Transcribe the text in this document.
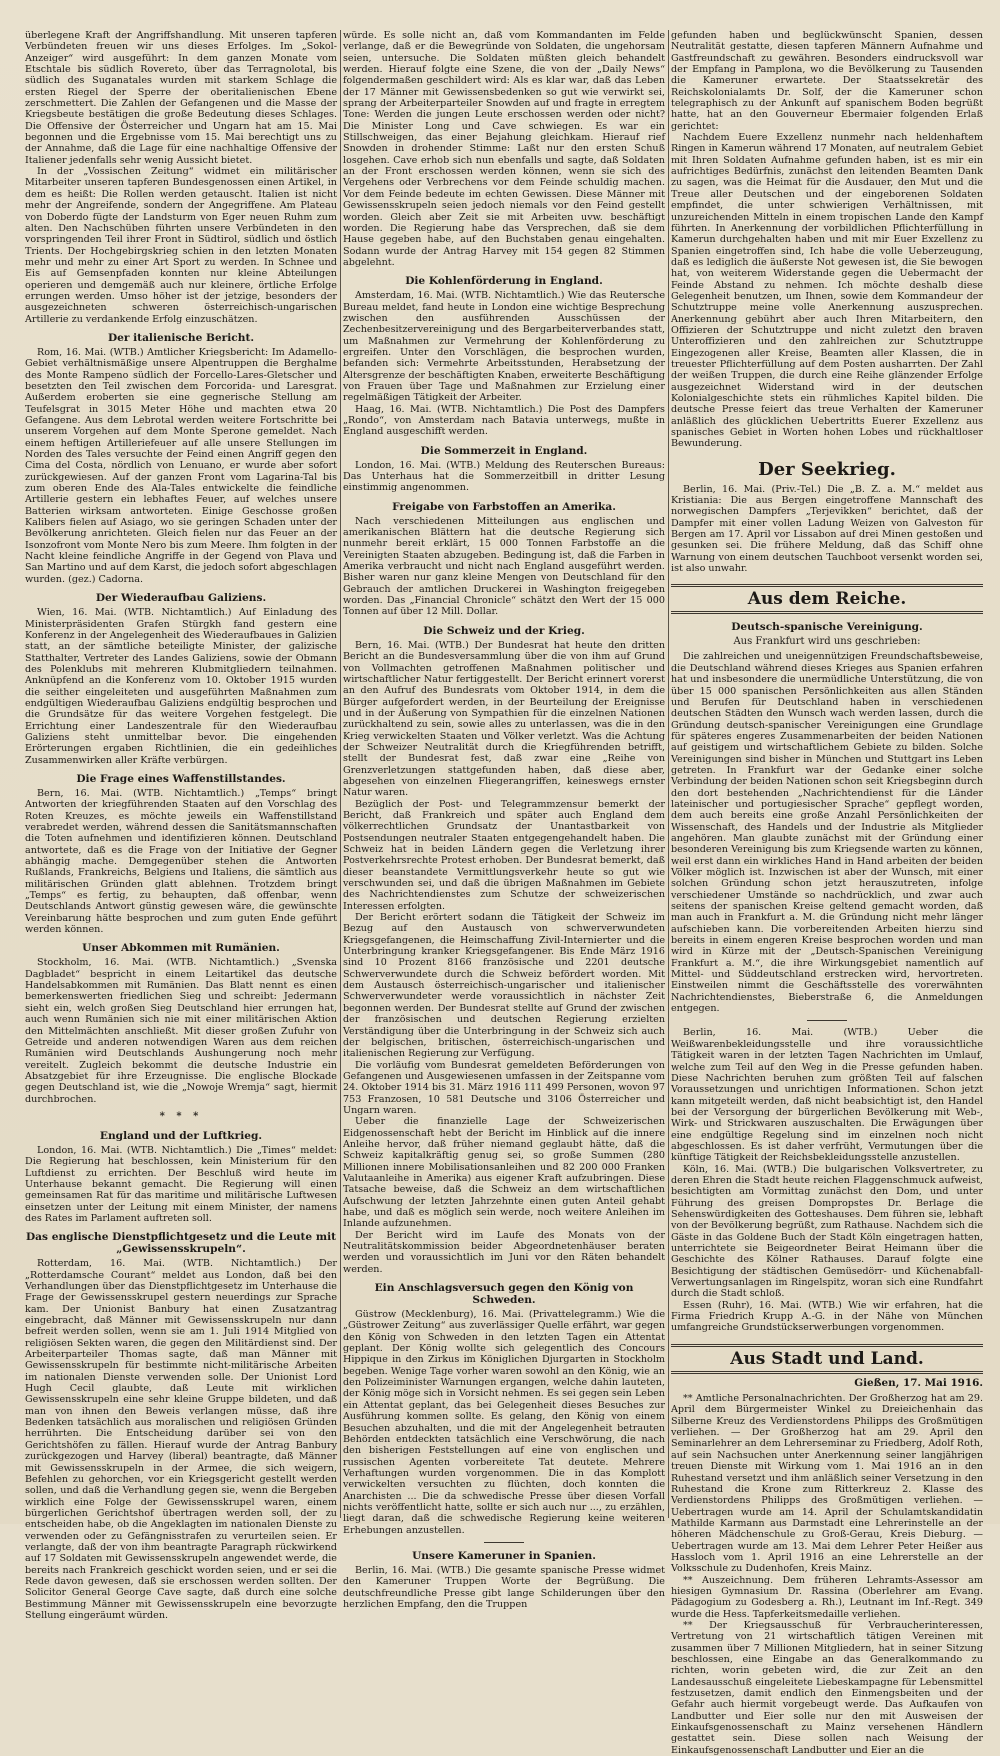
überlegene Kraft der Angriffshandlung. Mit unseren tapferen Verbündeten freuen wir uns dieses Erfolges. Im „Sokol-Anzeiger“ wird ausgeführt: In dem ganzen Monate vom Etschtale bis südlich Rovereto, über das Terragnolotal, bis südlich des Suganatales wurden mit starkem Schlage die ersten Riegel der Sperre der oberitalienischen Ebene zerschmettert. Die Zahlen der Gefangenen und die Masse der Kriegsbeute bestätigen die große Bedeutung dieses Schlages. Die Offensive der Österreicher und Ungarn hat am 15. Mai begonnen und die Ergebnisse vom 15. Mai berechtigt uns zu der Annahme, daß die Lage für eine nachhaltige Offensive der Italiener jedenfalls sehr wenig Aussicht bietet.

In der „Vossischen Zeitung“ widmet ein militärischer Mitarbeiter unseren tapferen Bundesgenossen einen Artikel, in dem es heißt: Die Rollen werden getauscht. Italien ist nicht mehr der Angreifende, sondern der Angegriffene. Am Plateau von Doberdo fügte der Landsturm von Eger neuen Ruhm zum alten. Den Nachschüben führten unsere Verbündeten in den vorspringenden Teil ihrer Front in Südtirol, südlich und östlich Trients. Der Hochgebirgskrieg schien in den letzten Monaten mehr und mehr zu einer Art Sport zu werden. In Schnee und Eis auf Gemsenpfaden konnten nur kleine Abteilungen operieren und demgemäß auch nur kleinere, örtliche Erfolge errungen werden. Umso höher ist der jetzige, besonders der ausgezeichneten schweren österreichisch-ungarischen Artillerie zu verdankende Erfolg einzuschätzen.

Der italienische Bericht.

Rom, 16. Mai. (WTB.) Amtlicher Kriegsbericht: Im Adamello-Gebiet verhältnismäßige unsere Alpentruppen die Berghalme des Monte Rampeno südlich der Forcello-Lares-Gletscher und besetzten den Teil zwischen dem Forcorida- und Laresgrat. Außerdem eroberten sie eine gegnerische Stellung am Teufelsgrat in 3015 Meter Höhe und machten etwa 20 Gefangene. Aus dem Lebrotal werden weitere Fortschritte bei unserem Vorgehen auf dem Monte Sperone gemeldet. Nach einem heftigen Artilleriefeuer auf alle unsere Stellungen im Norden des Tales versuchte der Feind einen Angriff gegen den Cima del Costa, nördlich von Lenuano, er wurde aber sofort zurückgewiesen. Auf der ganzen Front vom Lagarina-Tal bis zum oberen Ende des Ala-Tales entwickelte die feindliche Artillerie gestern ein lebhaftes Feuer, auf welches unsere Batterien wirksam antworteten. Einige Geschosse großen Kalibers fielen auf Asiago, wo sie geringen Schaden unter der Bevölkerung anrichteten. Gleich fielen nur das Feuer an der Isonzofront vom Monte Nero bis zum Meere. Ihm folgten in der Nacht kleine feindliche Angriffe in der Gegend von Plava und San Martino und auf dem Karst, die jedoch sofort abgeschlagen wurden. (gez.) Cadorna.

Der Wiederaufbau Galiziens.

Wien, 16. Mai. (WTB. Nichtamtlich.) Auf Einladung des Ministerpräsidenten Grafen Stürgkh fand gestern eine Konferenz in der Angelegenheit des Wiederaufbaues in Galizien statt, an der sämtliche beteiligte Minister, der galizische Statthalter, Vertreter des Landes Galiziens, sowie der Obmann des Polenklubs mit mehreren Klubmitgliedern teilnahmen. Anknüpfend an die Konferenz vom 10. Oktober 1915 wurden die seither eingeleiteten und ausgeführten Maßnahmen zum endgültigen Wiederaufbau Galiziens endgültig besprochen und die Grundsätze für das weitere Vorgehen festgelegt. Die Errichtung einer Landeszentrale für den Wiederaufbau Galiziens steht unmittelbar bevor. Die eingehenden Erörterungen ergaben Richtlinien, die ein gedeihliches Zusammenwirken aller Kräfte verbürgen.

Die Frage eines Waffenstillstandes.

Bern, 16. Mai. (WTB. Nichtamtlich.) „Temps“ bringt Antworten der kriegführenden Staaten auf den Vorschlag des Roten Kreuzes, es möchte jeweils ein Waffenstillstand verabredet werden, während dessen die Sanitätsmannschaften die Toten aufnehmen und identifizieren können. Deutschland antwortete, daß es die Frage von der Initiative der Gegner abhängig mache. Demgegenüber stehen die Antworten Rußlands, Frankreichs, Belgiens und Italiens, die sämtlich aus militärischen Gründen glatt ablehnen. Trotzdem bringt „Temps“ es fertig, zu behaupten, daß offenbar, wenn Deutschlands Antwort günstig gewesen wäre, die gewünschte Vereinbarung hätte besprochen und zum guten Ende geführt werden können.

Unser Abkommen mit Rumänien.

Stockholm, 16. Mai. (WTB. Nichtamtlich.) „Svenska Dagbladet“ bespricht in einem Leitartikel das deutsche Handelsabkommen mit Rumänien. Das Blatt nennt es einen bemerkenswerten friedlichen Sieg und schreibt: Jedermann sieht ein, welch großen Sieg Deutschland hier errungen hat, auch wenn Rumänien sich nie mit einer militärischen Aktion den Mittelmächten anschließt. Mit dieser großen Zufuhr von Getreide und anderen notwendigen Waren aus dem reichen Rumänien wird Deutschlands Aushungerung noch mehr vereitelt. Zugleich bekommt die deutsche Industrie ein Absatzgebiet für ihre Erzeugnisse. Die englische Blockade gegen Deutschland ist, wie die „Nowoje Wremja“ sagt, hiermit durchbrochen.

* * *
England und der Luftkrieg.

London, 16. Mai. (WTB. Nichtamtlich.) Die „Times“ meldet: Die Regierung hat beschlossen, kein Ministerium für den Luftdienst zu errichten. Der Beschluß wird heute im Unterhause bekannt gemacht. Die Regierung will einen gemeinsamen Rat für das maritime und militärische Luftwesen einsetzen unter der Leitung mit einem Minister, der namens des Rates im Parlament auftreten soll.

Das englische Dienstpflichtgesetz und die Leute mit „Gewissensskrupeln“.

Rotterdam, 16. Mai. (WTB. Nichtamtlich.) Der „Rotterdamsche Courant“ meldet aus London, daß bei den Verhandlungen über das Dienstpflichtgesetz im Unterhause die Frage der Gewissensskrupel gestern neuerdings zur Sprache kam. Der Unionist Banbury hat einen Zusatzantrag eingebracht, daß Männer mit Gewissensskrupeln nur dann befreit werden sollen, wenn sie am 1. Juli 1914 Mitglied von religiösen Sekten waren, die gegen den Militärdienst sind. Der Arbeiterparteiler Thomas sagte, daß man Männer mit Gewissensskrupeln für bestimmte nicht-militärische Arbeiten im nationalen Dienste verwenden solle. Der Unionist Lord Hugh Cecil glaubte, daß Leute mit wirklichen Gewissensskrupeln eine sehr kleine Gruppe bildeten, und daß man von ihnen den Beweis verlangen müsse, daß ihre Bedenken tatsächlich aus moralischen und religiösen Gründen herrührten. Die Entscheidung darüber sei von den Gerichtshöfen zu fällen. Hierauf wurde der Antrag Banbury zurückgezogen und Harvey (liberal) beantragte, daß Männer mit Gewissensskrupeln in der Armee, die sich weigern, Befehlen zu gehorchen, vor ein Kriegsgericht gestellt werden sollen, und daß die Verhandlung gegen sie, wenn die Bergeben wirklich eine Folge der Gewissensskrupel waren, einem bürgerlichen Gerichtshof übertragen werden soll, der zu entscheiden habe, ob die Angeklagten im nationalen Dienste zu verwenden oder zu Gefängnisstrafen zu verurteilen seien. Er verlangte, daß der von ihm beantragte Paragraph rückwirkend auf 17 Soldaten mit Gewissensskrupeln angewendet werde, die bereits nach Frankreich geschickt worden seien, und er sei die Rede davon gewesen, daß sie erschossen werden sollten. Der Solicitor General George Cave sagte, daß durch eine solche Bestimmung Männer mit Gewissensskrupeln eine bevorzugte Stellung eingeräumt würden.

würde. Es solle nicht an, daß vom Kommandanten im Felde verlange, daß er die Bewegründe von Soldaten, die ungehorsam seien, untersuche. Die Soldaten müßten gleich behandelt werden. Hierauf folgte eine Szene, die von der „Daily News“ folgendermaßen geschildert wird: Als es klar war, daß das Leben der 17 Männer mit Gewissensbedenken so gut wie verwirkt sei, sprang der Arbeiterparteiler Snowden auf und fragte in erregtem Tone: Werden die jungen Leute erschossen werden oder nicht? Die Minister Long und Cave schwiegen. Es war ein Stillschweigen, das einer Bejahung gleichkam. Hierauf rief Snowden in drohender Stimme: Laßt nur den ersten Schuß losgehen. Cave erhob sich nun ebenfalls und sagte, daß Soldaten an der Front erschossen werden können, wenn sie sich des Vergehens oder Verbrechens vor dem Feinde schuldig machen. Vor dem Feinde bedeute im echten Gewissen. Diese Männer mit Gewissensskrupeln seien jedoch niemals vor den Feind gestellt worden. Gleich aber Zeit sie mit Arbeiten uvw. beschäftigt worden. Die Regierung habe das Versprechen, daß sie dem Hause gegeben habe, auf den Buchstaben genau eingehalten. Sodann wurde der Antrag Harvey mit 154 gegen 82 Stimmen abgelehnt.

Die Kohlenförderung in England.

Amsterdam, 16. Mai. (WTB. Nichtamtlich.) Wie das Reutersche Bureau meldet, fand heute in London eine wichtige Besprechung zwischen den ausführenden Ausschüssen der Zechenbesitzervereinigung und des Bergarbeiterverbandes statt, um Maßnahmen zur Vermehrung der Kohlenförderung zu ergreifen. Unter den Vorschlägen, die besprochen wurden, befanden sich: Vermehrte Arbeitsstunden, Herabsetzung der Altersgrenze der beschäftigten Knaben, erweiterte Beschäftigung von Frauen über Tage und Maßnahmen zur Erzielung einer regelmäßigen Tätigkeit der Arbeiter.

Haag, 16. Mai. (WTB. Nichtamtlich.) Die Post des Dampfers „Rondo“, von Amsterdam nach Batavia unterwegs, mußte in England ausgeschifft werden.

Die Sommerzeit in England.

London, 16. Mai. (WTB.) Meldung des Reuterschen Bureaus: Das Unterhaus hat die Sommerzeitbill in dritter Lesung einstimmig angenommen.

Freigabe von Farbstoffen an Amerika.

Nach verschiedenen Mitteilungen aus englischen und amerikanischen Blättern hat die deutsche Regierung sich nunmehr bereit erklärt, 15 000 Tonnen Farbstoffe an die Vereinigten Staaten abzugeben. Bedingung ist, daß die Farben in Amerika verbraucht und nicht nach England ausgeführt werden. Bisher waren nur ganz kleine Mengen von Deutschland für den Gebrauch der amtlichen Druckerei in Washington freigegeben worden. Das „Financial Chronicle“ schätzt den Wert der 15 000 Tonnen auf über 12 Mill. Dollar.

Die Schweiz und der Krieg.

Bern, 16. Mai. (WTB.) Der Bundesrat hat heute den dritten Bericht an die Bundesversammlung über die von ihm auf Grund von Vollmachten getroffenen Maßnahmen politischer und wirtschaftlicher Natur fertiggestellt. Der Bericht erinnert vorerst an den Aufruf des Bundesrats vom Oktober 1914, in dem die Bürger aufgefordert werden, in der Beurteilung der Ereignisse und in der Äußerung von Sympathien für die einzelnen Nationen zurückhaltend zu sein, sowie alles zu unterlassen, was die in den Krieg verwickelten Staaten und Völker verletzt. Was die Achtung der Schweizer Neutralität durch die Kriegführenden betrifft, stellt der Bundesrat fest, daß zwar eine „Reihe von Grenzverletzungen stattgefunden haben, daß diese aber, abgesehen von einzelnen Fliegerangriffen, keineswegs ernster Natur waren.

Bezüglich der Post- und Telegrammzensur bemerkt der Bericht, daß Frankreich und später auch England dem völkerrechtlichen Grundsatz der Unantastbarkeit von Postsendungen neutraler Staaten entgegengehandelt haben. Die Schweiz hat in beiden Ländern gegen die Verletzung ihrer Postverkehrsrechte Protest erhoben. Der Bundesrat bemerkt, daß dieser beanstandete Vermittlungsverkehr heute so gut wie verschwunden sei, und daß die übrigen Maßnahmen im Gebiete des Nachrichtendienstes zum Schutze der schweizerischen Interessen erfolgten.

Der Bericht erörtert sodann die Tätigkeit der Schweiz im Bezug auf den Austausch von schwerverwundeten Kriegsgefangenen, die Heimschaffung Zivil-Internierter und die Unterbringung kranker Kriegsgefangener. Bis Ende März 1916 sind 10 Prozent 8166 französische und 2201 deutsche Schwerverwundete durch die Schweiz befördert worden. Mit dem Austausch österreichisch-ungarischer und italienischer Schwerverwundeter werde voraussichtlich in nächster Zeit begonnen werden. Der Bundesrat stellte auf Grund der zwischen der französischen und deutschen Regierung erzielten Verständigung über die Unterbringung in der Schweiz sich auch der belgischen, britischen, österreichisch-ungarischen und italienischen Regierung zur Verfügung.

Die vorläufig vom Bundesrat gemeldeten Beförderungen von Gefangenen und Ausgewiesenen umfassen in der Zeitspanne vom 24. Oktober 1914 bis 31. März 1916 111 499 Personen, wovon 97 753 Franzosen, 10 581 Deutsche und 3106 Österreicher und Ungarn waren.

Ueber die finanzielle Lage der Schweizerischen Eidgenossenschaft hebt der Bericht im Hinblick auf die innere Anleihe hervor, daß früher niemand geglaubt hätte, daß die Schweiz kapitalkräftig genug sei, so große Summen (280 Millionen innere Mobilisationsanleihen und 82 200 000 Franken Valutaanleihe in Amerika) aus eigener Kraft aufzubringen. Diese Tatsache beweise, daß die Schweiz an dem wirtschaftlichen Aufschwung der letzten Jahrzehnte einen guten Anteil gehabt habe, und daß es möglich sein werde, noch weitere Anleihen im Inlande aufzunehmen.

Der Bericht wird im Laufe des Monats von der Neutralitätskommission beider Abgeordnetenhäuser beraten werden und voraussichtlich im Juni vor den Räten behandelt werden.

Ein Anschlagsversuch gegen den König von Schweden.

Güstrow (Mecklenburg), 16. Mai. (Privattelegramm.) Wie die „Güstrower Zeitung“ aus zuverlässiger Quelle erfährt, war gegen den König von Schweden in den letzten Tagen ein Attentat geplant. Der König wollte sich gelegentlich des Concours Hippique in den Zirkus im Königlichen Djurgarten in Stockholm begeben. Wenige Tage vorher waren sowohl an den König, wie an den Polizeiminister Warnungen ergangen, welche dahin lauteten, der König möge sich in Vorsicht nehmen. Es sei gegen sein Leben ein Attentat geplant, das bei Gelegenheit dieses Besuches zur Ausführung kommen sollte. Es gelang, den König von einem Besuchen abzuhalten, und die mit der Angelegenheit betrauten Behörden entdeckten tatsächlich eine Verschwörung, die nach den bisherigen Feststellungen auf eine von englischen und russischen Agenten vorbereitete Tat deutete. Mehrere Verhaftungen wurden vorgenommen. Die in das Komplott verwickelten versuchten zu flüchten, doch konnten die Anarchisten ... Die da schwedische Presse über diesen Vorfall nichts veröffentlicht hatte, sollte er sich auch nur ..., zu erzählen, liegt daran, daß die schwedische Regierung keine weiteren Erhebungen anzustellen.

Unsere Kameruner in Spanien.

Berlin, 16. Mai. (WTB.) Die gesamte spanische Presse widmet den Kameruner Truppen Worte der Begrüßung. Die deutschfreundliche Presse gibt lange Schilderungen über den herzlichen Empfang, den die Truppen

gefunden haben und beglückwünscht Spanien, dessen Neutralität gestatte, diesen tapferen Männern Aufnahme und Gastfreundschaft zu gewähren. Besonders eindrucksvoll war der Empfang in Pamplona, wo die Bevölkerung zu Tausenden die Kameruner erwartete. Der Staatssekretär des Reichskolonialamts Dr. Solf, der die Kameruner schon telegraphisch zu der Ankunft auf spanischem Boden begrüßt hatte, hat an den Gouverneur Ebermaier folgenden Erlaß gerichtet:

Nachdem Euere Exzellenz nunmehr nach heldenhaftem Ringen in Kamerun während 17 Monaten, auf neutralem Gebiet mit Ihren Soldaten Aufnahme gefunden haben, ist es mir ein aufrichtiges Bedürfnis, zunächst den leitenden Beamten Dank zu sagen, was die Heimat für die Ausdauer, den Mut und die Treue aller Deutschen und der eingeborenen Soldaten empfindet, die unter schwierigen Verhältnissen, mit unzureichenden Mitteln in einem tropischen Lande den Kampf führten. In Anerkennung der vorbildlichen Pflichterfüllung in Kamerun durchgehalten haben und mit mir Euer Exzellenz zu Spanien eingetroffen sind, Ich habe die volle Ueberzeugung, daß es lediglich die äußerste Not gewesen ist, die Sie bewogen hat, von weiterem Widerstande gegen die Uebermacht der Feinde Abstand zu nehmen. Ich möchte deshalb diese Gelegenheit benutzen, um Ihnen, sowie dem Kommandeur der Schutztruppe meine volle Anerkennung auszusprechen. Anerkennung gebührt aber auch Ihren Mitarbeitern, den Offizieren der Schutztruppe und nicht zuletzt den braven Unteroffizieren und den zahlreichen zur Schutztruppe Eingezogenen aller Kreise, Beamten aller Klassen, die in treuester Pflichterfüllung auf dem Posten ausharrten. Der Zahl der weißen Truppen, die durch eine Reihe glänzender Erfolge ausgezeichnet Widerstand wird in der deutschen Kolonialgeschichte stets ein rühmliches Kapitel bilden. Die deutsche Presse feiert das treue Verhalten der Kameruner anläßlich des glücklichen Uebertritts Euerer Exzellenz aus spanisches Gebiet in Worten hohen Lobes und rückhaltloser Bewunderung.

Der Seekrieg.

Berlin, 16. Mai. (Priv.-Tel.) Die „B. Z. a. M.“ meldet aus Kristiania: Die aus Bergen eingetroffene Mannschaft des norwegischen Dampfers „Terjevikken“ berichtet, daß der Dampfer mit einer vollen Ladung Weizen von Galveston für Bergen am 17. April vor Lissabon auf drei Minen gestoßen und gesunken sei. Die frühere Meldung, daß das Schiff ohne Warnung von einem deutschen Tauchboot versenkt worden sei, ist also unwahr.

Aus dem Reiche.
Deutsch-spanische Vereinigung.
Aus Frankfurt wird uns geschrieben:

Die zahlreichen und uneigennützigen Freundschaftsbeweise, die Deutschland während dieses Krieges aus Spanien erfahren hat und insbesondere die unermüdliche Unterstützung, die von über 15 000 spanischen Persönlichkeiten aus allen Ständen und Berufen für Deutschland haben in verschiedenen deutschen Städten den Wunsch wach werden lassen, durch die Gründung deutsch-spanischer Vereinigungen eine Grundlage für späteres engeres Zusammenarbeiten der beiden Nationen auf geistigem und wirtschaftlichem Gebiete zu bilden. Solche Vereinigungen sind bisher in München und Stuttgart ins Leben getreten. In Frankfurt war der Gedanke einer solche Verbindung der beiden Nationen schon seit Kriegsbeginn durch den dort bestehenden „Nachrichtendienst für die Länder lateinischer und portugiesischer Sprache“ gepflegt worden, dem auch bereits eine große Anzahl Persönlichkeiten der Wissenschaft, des Handels und der Industrie als Mitglieder angehören. Man glaubte zunächst mit der Gründung einer besonderen Vereinigung bis zum Kriegsende warten zu können, weil erst dann ein wirkliches Hand in Hand arbeiten der beiden Völker möglich ist. Inzwischen ist aber der Wunsch, mit einer solchen Gründung schon jetzt herauszutreten, infolge verschiedener Umstände so nachdrücklich, und zwar auch seitens der spanischen Kreise geltend gemacht worden, daß man auch in Frankfurt a. M. die Gründung nicht mehr länger aufschieben kann. Die vorbereitenden Arbeiten hierzu sind bereits in einem engeren Kreise besprochen worden und man wird in Kürze mit der „Deutsch-Spanischen Vereinigung Frankfurt a. M.“, die ihre Wirkungsgebiet namentlich auf Mittel- und Süddeutschland erstrecken wird, hervortreten. Einstweilen nimmt die Geschäftsstelle des vorerwähnten Nachrichtendienstes, Bieberstraße 6, die Anmeldungen entgegen.

Berlin, 16. Mai. (WTB.) Ueber die Weißwarenbekleidungsstelle und ihre voraussichtliche Tätigkeit waren in der letzten Tagen Nachrichten im Umlauf, welche zum Teil auf den Weg in die Presse gefunden haben. Diese Nachrichten beruhen zum größten Teil auf falschen Voraussetzungen und unrichtigen Informationen. Schon jetzt kann mitgeteilt werden, daß nicht beabsichtigt ist, den Handel bei der Versorgung der bürgerlichen Bevölkerung mit Web-, Wirk- und Strickwaren auszuschalten. Die Erwägungen über eine endgültige Regelung sind im einzelnen noch nicht abgeschlossen. Es ist daher verfrüht, Vermutungen über die künftige Tätigkeit der Reichsbekleidungsstelle anzustellen.

Köln, 16. Mai. (WTB.) Die bulgarischen Volksvertreter, zu deren Ehren die Stadt heute reichen Flaggenschmuck aufweist, besichtigten am Vormittag zunächst den Dom, und unter Führung des greisen Dompropstes Dr. Berlage die Sehenswürdigkeiten des Gotteshauses. Dem führen sie, lebhaft von der Bevölkerung begrüßt, zum Rathause. Nachdem sich die Gäste in das Goldene Buch der Stadt Köln eingetragen hatten, unterrichtete sie Beigeordneter Beirat Heimann über die Geschichte des Kölner Rathauses. Darauf folgte eine Besichtigung der städtischen Gemüsedörr- und Küchenabfall-Verwertungsanlagen im Ringelspitz, woran sich eine Rundfahrt durch die Stadt schloß.

Essen (Ruhr), 16. Mai. (WTB.) Wie wir erfahren, hat die Firma Friedrich Krupp A.-G. in der Nähe von München umfangreiche Grundstückserwerbungen vorgenommen.

Aus Stadt und Land.
Gießen, 17. Mai 1916.

** Amtliche Personalnachrichten. Der Großherzog hat am 29. April dem Bürgermeister Winkel zu Dreieichenhain das Silberne Kreuz des Verdienstordens Philipps des Großmütigen verliehen. — Der Großherzog hat am 29. April den Seminarlehrer an dem Lehrerseminar zu Friedberg, Adolf Roth, auf sein Nachsuchen unter Anerkennung seiner langjährigen treuen Dienste mit Wirkung vom 1. Mai 1916 an in den Ruhestand versetzt und ihm anläßlich seiner Versetzung in den Ruhestand die Krone zum Ritterkreuz 2. Klasse des Verdienstordens Philipps des Großmütigen verliehen. — Uebertragen wurde am 14. April der Schulamtskandidatin Mathilde Karmann aus Darmstadt eine Lehrerinstelle an der höheren Mädchenschule zu Groß-Gerau, Kreis Dieburg. — Uebertragen wurde am 13. Mai dem Lehrer Peter Heißer aus Hassloch vom 1. April 1916 an eine Lehrerstelle an der Volksschule zu Dudenhofen, Kreis Mainz.

** Auszeichnung. Dem früheren Lehramts-Assessor am hiesigen Gymnasium Dr. Rassina (Oberlehrer am Evang. Pädagogium zu Godesberg a. Rh.), Leutnant im Inf.-Regt. 349 wurde die Hess. Tapferkeitsmedaille verliehen.

** Der Kriegsausschuß für Verbraucherinteressen, Vertretung von 21 wirtschaftlich tätigen Vereinen mit zusammen über 7 Millionen Mitgliedern, hat in seiner Sitzung beschlossen, eine Eingabe an das Generalkommando zu richten, worin gebeten wird, die zur Zeit an den Landesausschuß eingeleitete Liebeskampagne für Lebensmittel festzusetzen, damit endlich den Einmengsbeiten und der Gefahr auch hiermit vorgebeugt werde. Das Aufkaufen von Landbutter und Eier solle nur den mit Ausweisen der Einkaufsgenossenschaft zu Mainz versehenen Händlern gestattet sein. Diese sollen nach Weisung der Einkaufsgenossenschaft Landbutter und Eier an die
